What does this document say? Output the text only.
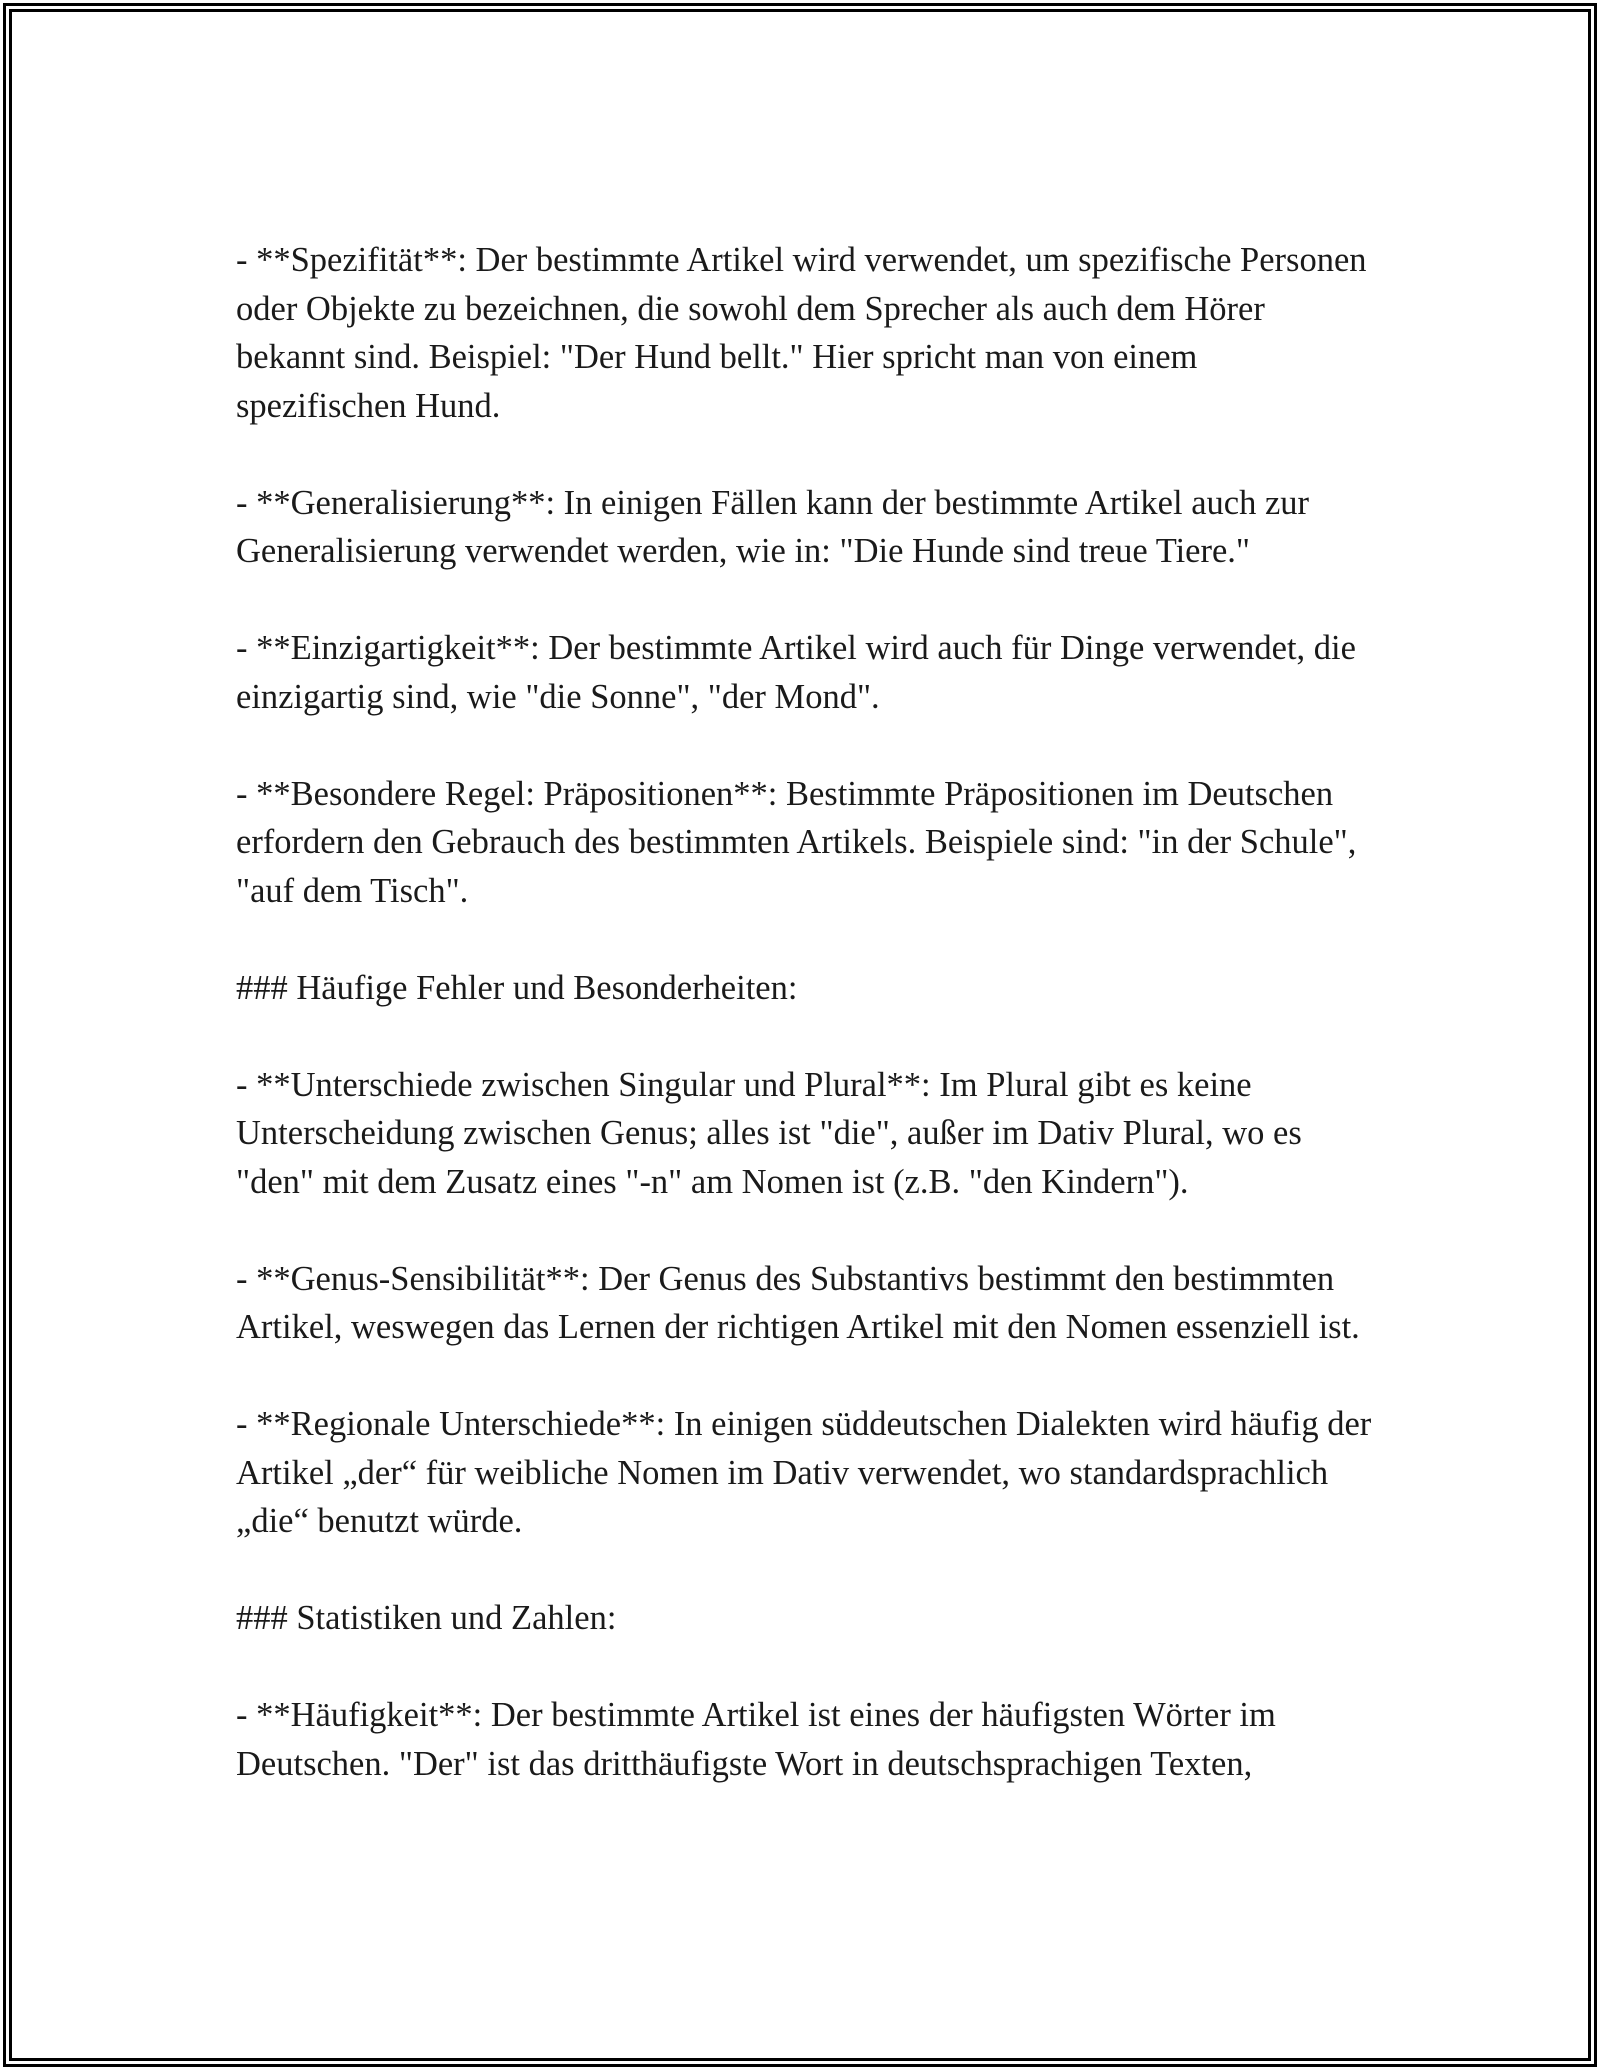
- **Spezifität**: Der bestimmte Artikel wird verwendet, um spezifische Personen oder Objekte zu bezeichnen, die sowohl dem Sprecher als auch dem Hörer bekannt sind. Beispiel: "Der Hund bellt." Hier spricht man von einem spezifischen Hund.

- **Generalisierung**: In einigen Fällen kann der bestimmte Artikel auch zur Generalisierung verwendet werden, wie in: "Die Hunde sind treue Tiere."

- **Einzigartigkeit**: Der bestimmte Artikel wird auch für Dinge verwendet, die einzigartig sind, wie "die Sonne", "der Mond".

- **Besondere Regel: Präpositionen**: Bestimmte Präpositionen im Deutschen erfordern den Gebrauch des bestimmten Artikels. Beispiele sind: "in der Schule", "auf dem Tisch".

### Häufige Fehler und Besonderheiten:

- **Unterschiede zwischen Singular und Plural**: Im Plural gibt es keine Unterscheidung zwischen Genus; alles ist "die", außer im Dativ Plural, wo es "den" mit dem Zusatz eines "-n" am Nomen ist (z.B. "den Kindern").

- **Genus-Sensibilität**: Der Genus des Substantivs bestimmt den bestimmten Artikel, weswegen das Lernen der richtigen Artikel mit den Nomen essenziell ist.

- **Regionale Unterschiede**: In einigen süddeutschen Dialekten wird häufig der Artikel „der“ für weibliche Nomen im Dativ verwendet, wo standardsprachlich „die“ benutzt würde.

### Statistiken und Zahlen:

- **Häufigkeit**: Der bestimmte Artikel ist eines der häufigsten Wörter im Deutschen. "Der" ist das dritthäufigste Wort in deutschsprachigen Texten,
